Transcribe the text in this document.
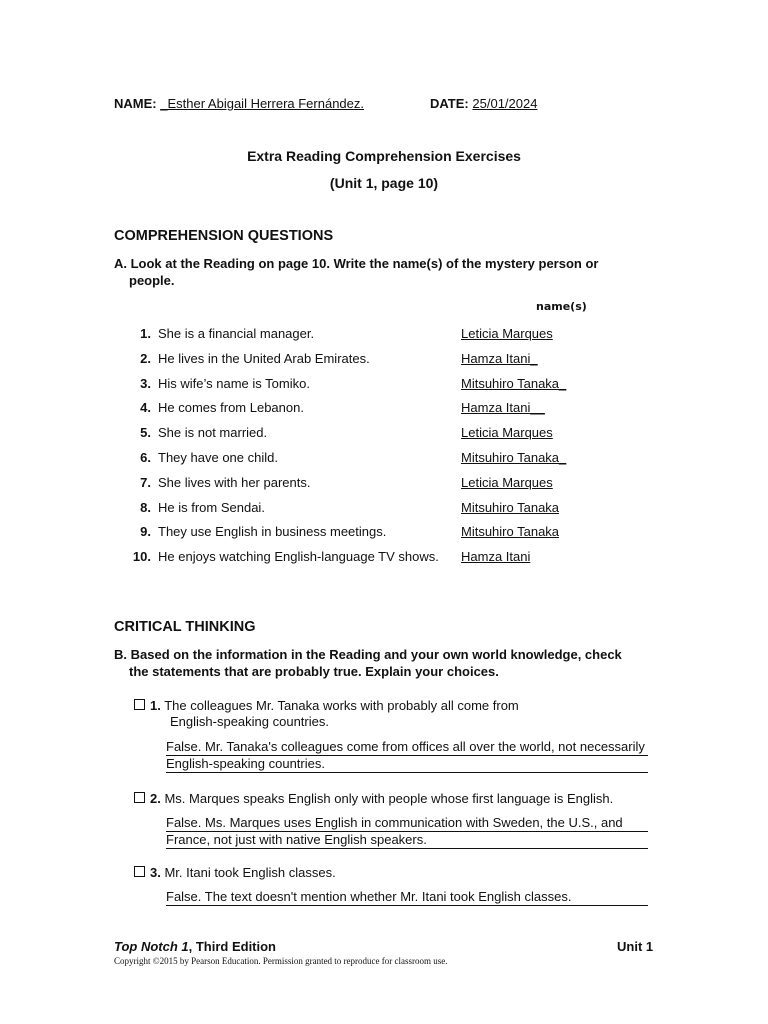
NAME: _Esther Abigail Herrera Fernández.	DATE: 25/01/2024
Extra Reading Comprehension Exercises
(Unit 1, page 10)
COMPREHENSION QUESTIONS
A. Look at the Reading on page 10. Write the name(s) of the mystery person or
people.
name(s)
1. She is a financial manager.	Leticia Marques
2. He lives in the United Arab Emirates.	Hamza Itani_
3. His wife’s name is Tomiko.	Mitsuhiro Tanaka_
4. He comes from Lebanon.	Hamza Itani__
5. She is not married.	Leticia Marques
6. They have one child.	Mitsuhiro Tanaka_
7. She lives with her parents.	Leticia Marques
8. He is from Sendai.	Mitsuhiro Tanaka
9. They use English in business meetings.	Mitsuhiro Tanaka
10. He enjoys watching English-language TV shows. Hamza Itani
CRITICAL THINKING
B. Based on the information in the Reading and your own world knowledge, check
the statements that are probably true. Explain your choices.
1. The colleagues Mr. Tanaka works with probably all come from
English-speaking countries.
False. Mr. Tanaka's colleagues come from offices all over the world, not necessarily
English-speaking countries.
2. Ms. Marques speaks English only with people whose first language is English.
False. Ms. Marques uses English in communication with Sweden, the U.S., and
France, not just with native English speakers.
3. Mr. Itani took English classes.
False. The text doesn't mention whether Mr. Itani took English classes.
Top Notch 1, Third Edition	Unit 1
Copyright ©2015 by Pearson Education. Permission granted to reproduce for classroom use.
